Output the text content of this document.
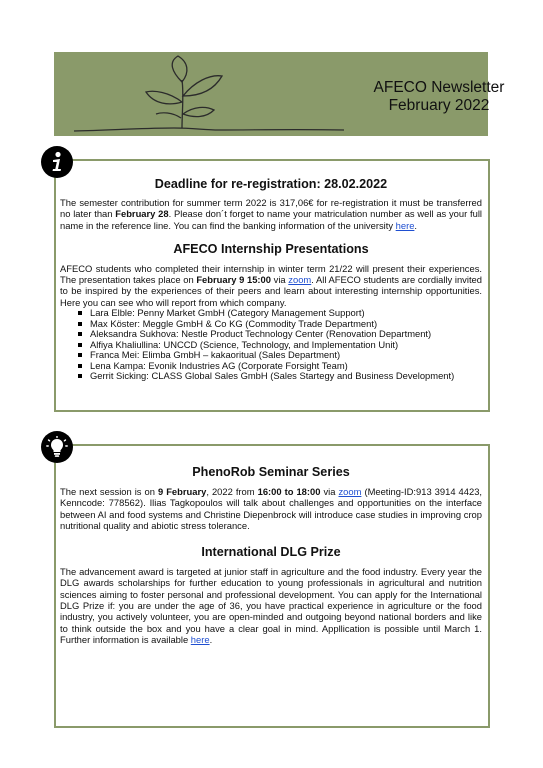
AFECO Newsletter
February 2022
Deadline for re-registration: 28.02.2022

The semester contribution for summer term 2022 is 317,06€ for re-registration it must be transferred no later than February 28. Please don´t forget to name your matriculation number as well as your full name in the reference line. You can find the banking information of the university here.

AFECO Internship Presentations

AFECO students who completed their internship in winter term 21/22 will present their experiences. The presentation takes place on February 9 15:00 via zoom. All AFECO students are cordially invited to be inspired by the experiences of their peers and learn about interesting internship opportunities. Here you can see who will report from which company.

Lara Elble: Penny Market GmbH (Category Management Support)
Max Köster: Meggle GmbH & Co KG (Commodity Trade Department)
Aleksandra Sukhova: Nestle Product Technology Center (Renovation Department)
Alfiya Khaliullina: UNCCD (Science, Technology, and Implementation Unit)
Franca Mei: Elimba GmbH – kakaoritual (Sales Department)
Lena Kampa: Evonik Industries AG (Corporate Forsight Team)
Gerrit Sicking: CLASS Global Sales GmbH (Sales Startegy and Business Development)
PhenoRob Seminar Series

The next session is on 9 February, 2022 from 16:00 to 18:00 via zoom (Meeting-ID:913 3914 4423, Kenncode: 778562). Ilias Tagkopoulos will talk about challenges and opportunities on the interface between AI and food systems and Christine Diepenbrock will introduce case studies in improving crop nutritional quality and abiotic stress tolerance.

International DLG Prize

The advancement award is targeted at junior staff in agriculture and the food industry. Every year the DLG awards scholarships for further education to young professionals in agricultural and nutrition sciences aiming to foster personal and professional development. You can apply for the International DLG Prize if: you are under the age of 36, you have practical experience in agriculture or the food industry, you actively volunteer, you are open-minded and outgoing beyond national borders and like to think outside the box and you have a clear goal in mind. Appllication is possible until March 1. Further information is available here.
